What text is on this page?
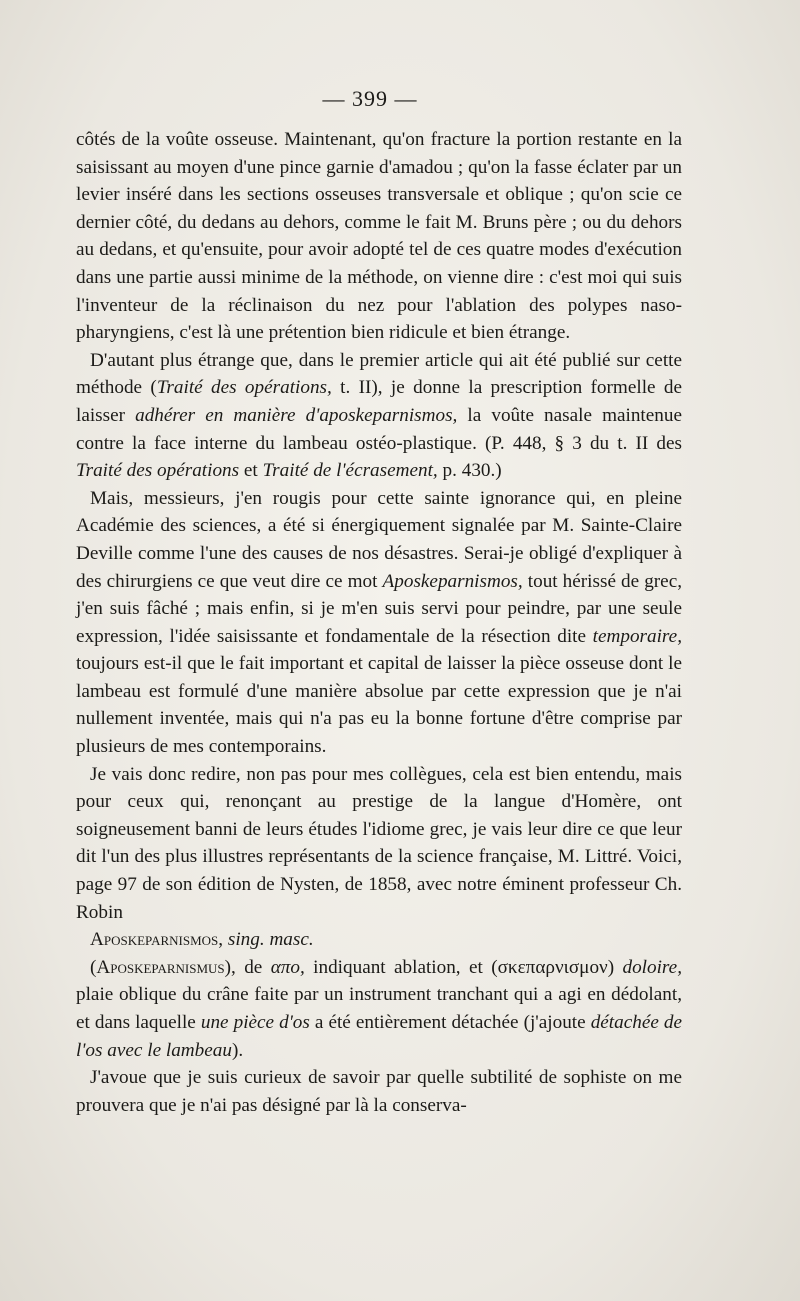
— 399 —

côtés de la voûte osseuse. Maintenant, qu'on fracture la portion restante en la saisissant au moyen d'une pince garnie d'amadou ; qu'on la fasse éclater par un levier inséré dans les sections osseuses transversale et oblique ; qu'on scie ce dernier côté, du dedans au dehors, comme le fait M. Bruns père ; ou du dehors au dedans, et qu'ensuite, pour avoir adopté tel de ces quatre modes d'exécution dans une partie aussi minime de la méthode, on vienne dire : c'est moi qui suis l'inventeur de la réclinaison du nez pour l'ablation des polypes naso-pharyngiens, c'est là une prétention bien ridicule et bien étrange.

D'autant plus étrange que, dans le premier article qui ait été publié sur cette méthode (Traité des opérations, t. II), je donne la prescription formelle de laisser adhérer en manière d'aposkeparnismos, la voûte nasale maintenue contre la face interne du lambeau ostéo-plastique. (P. 448, § 3 du t. II des Traité des opérations et Traité de l'écrasement, p. 430.)

Mais, messieurs, j'en rougis pour cette sainte ignorance qui, en pleine Académie des sciences, a été si énergiquement signalée par M. Sainte-Claire Deville comme l'une des causes de nos désastres. Serai-je obligé d'expliquer à des chirurgiens ce que veut dire ce mot Aposkeparnismos, tout hérissé de grec, j'en suis fâché ; mais enfin, si je m'en suis servi pour peindre, par une seule expression, l'idée saisissante et fondamentale de la résection dite temporaire, toujours est-il que le fait important et capital de laisser la pièce osseuse dont le lambeau est formulé d'une manière absolue par cette expression que je n'ai nullement inventée, mais qui n'a pas eu la bonne fortune d'être comprise par plusieurs de mes contemporains.

Je vais donc redire, non pas pour mes collègues, cela est bien entendu, mais pour ceux qui, renonçant au prestige de la langue d'Homère, ont soigneusement banni de leurs études l'idiome grec, je vais leur dire ce que leur dit l'un des plus illustres représentants de la science française, M. Littré. Voici, page 97 de son édition de Nysten, de 1858, avec notre éminent professeur Ch. Robin

Aposkeparnismos, sing. masc.

(Aposkeparnismus), de απο, indiquant ablation, et (σκεπαρνισμον) doloire, plaie oblique du crâne faite par un instrument tranchant qui a agi en dédolant, et dans laquelle une pièce d'os a été entièrement détachée (j'ajoute détachée de l'os avec le lambeau).

J'avoue que je suis curieux de savoir par quelle subtilité de sophiste on me prouvera que je n'ai pas désigné par là la conserva-
